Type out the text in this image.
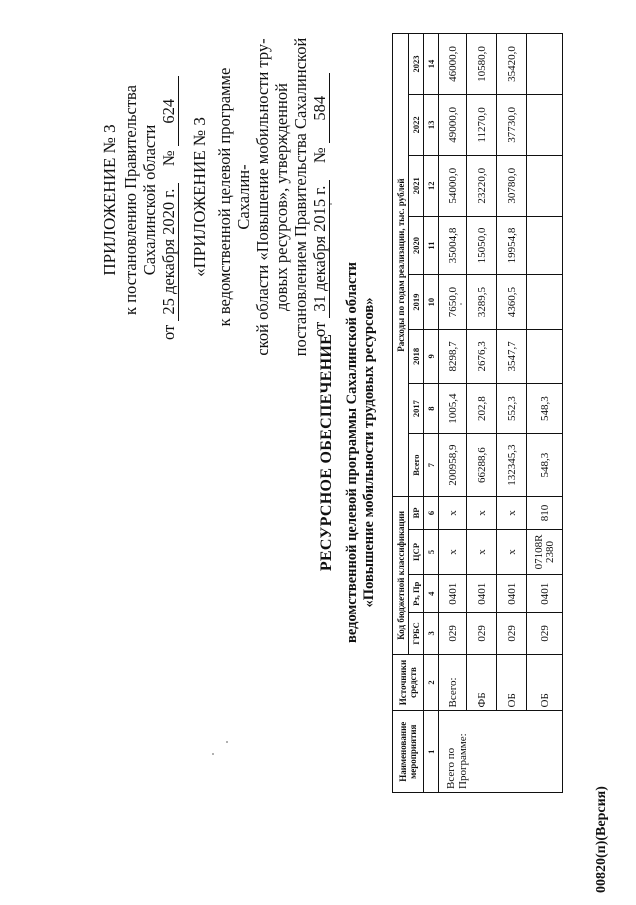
ПРИЛОЖЕНИЕ № 3 к постановлению Правительства Сахалинской области
от 25 декабря 2020 г.    № 624
«ПРИЛОЖЕНИЕ № 3 к ведомственной целевой программе Сахалин- ской области «Повышение мобильности тру- довых ресурсов», утвержденной постановлением Правительства Сахалинской от 31 декабря 2015 г.    № 584
РЕСУРСНОЕ ОБЕСПЕЧЕНИЕ ведомственной целевой программы Сахалинской области «Повышение мобильности трудовых ресурсов»
Наименование мероприятия	Источники средств	Код бюджетной классификации				Расходы по годам реализации, тыс. рублей							
		ГРБС	Рз, Пр	ЦСР	ВР	Всего	2017	2018	2019	2020	2021	2022	2023
1	2	3	4	5	6	7	8	9	10	11	12	13	14
Всего по Программе:	Всего:	029	0401	х	х	200958,9	1005,4	8298,7	7650,0	35004,8	54000,0	49000,0	46000,0
	ФБ	029	0401	х	х	66288,6	202,8	2676,3	3289,5	15050,0	23220,0	11270,0	10580,0
	ОБ	029	0401	х	х	132345,3	552,3	3547,7	4360,5	19954,8	30780,0	37730,0	35420,0
	ОБ	029	0401	07108R 2380	810	548,3	548,3						
00820(п)(Версия)
